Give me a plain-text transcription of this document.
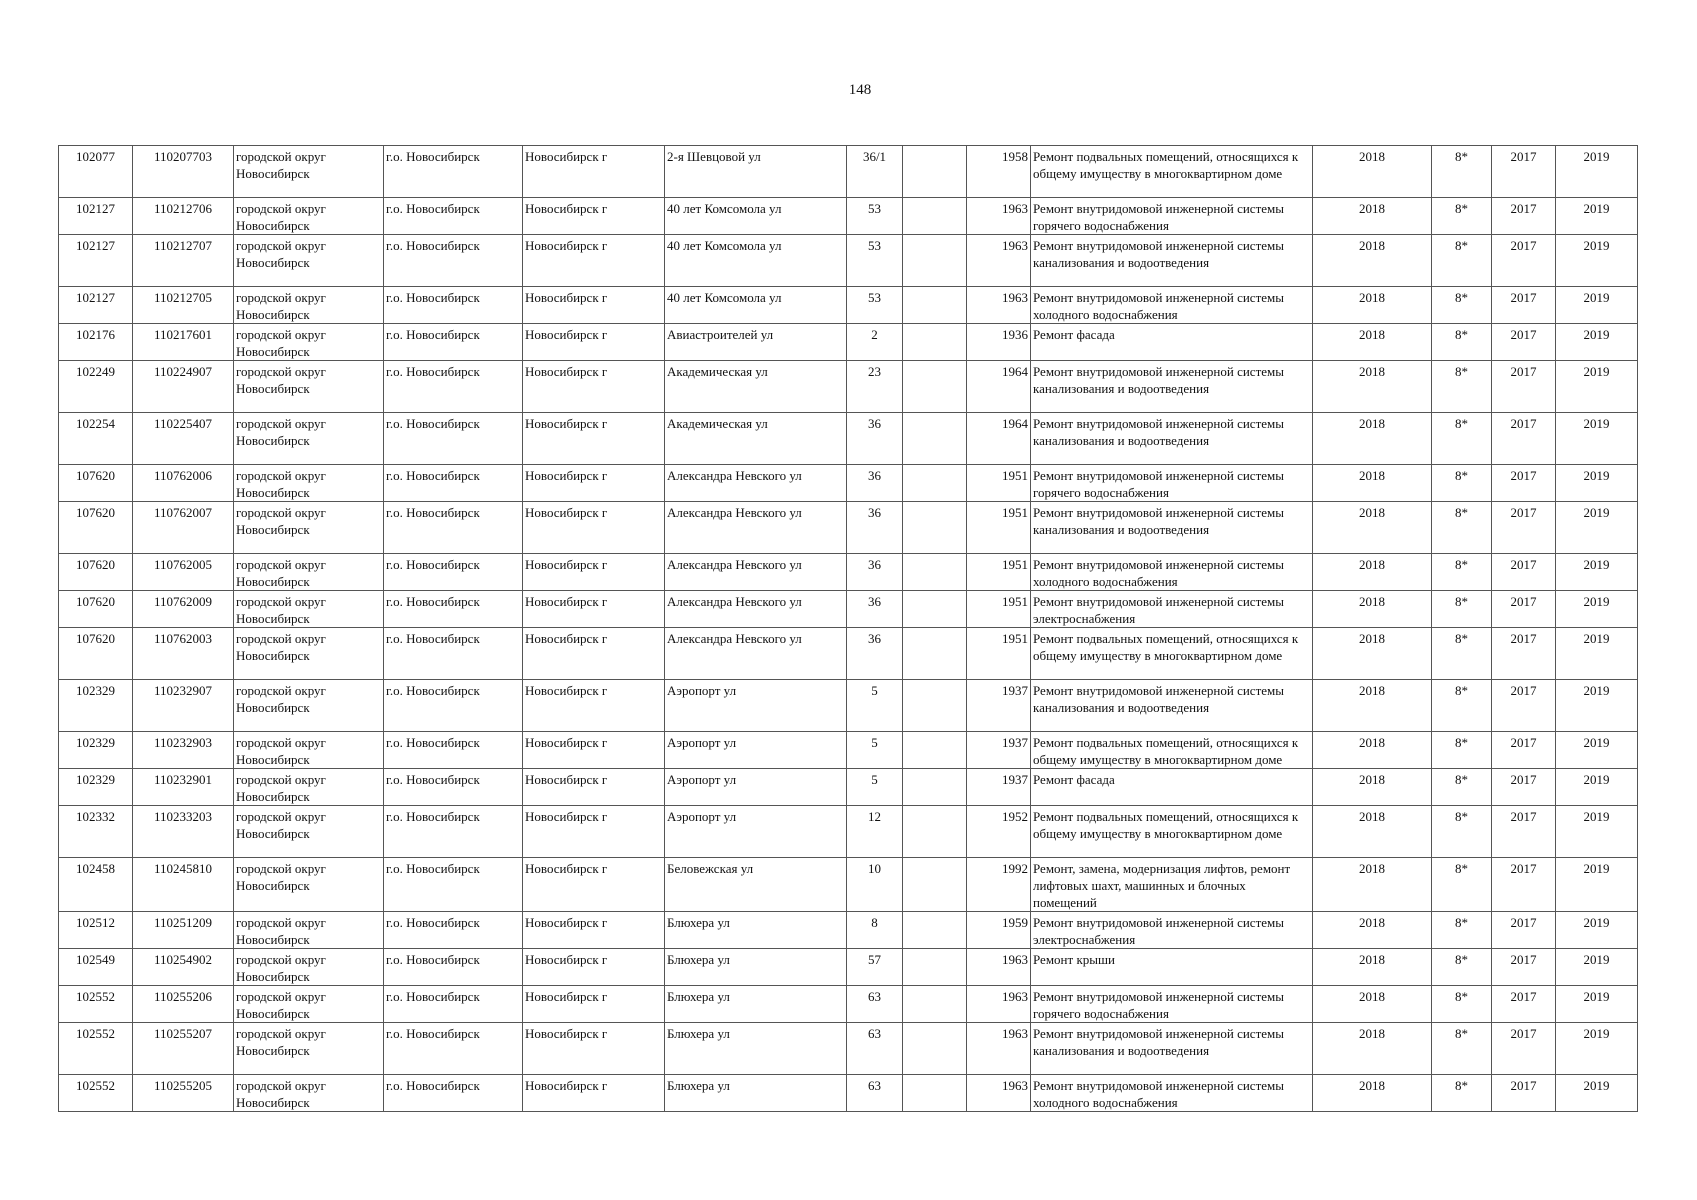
148
102077	110207703	городской округ Новосибирск	г.о. Новосибирск	Новосибирск г	2-я Шевцовой ул	36/1		1958	Ремонт подвальных помещений, относящихся к общему имуществу в многоквартирном доме	2018	8*	2017	2019
102127	110212706	городской округ Новосибирск	г.о. Новосибирск	Новосибирск г	40 лет Комсомола ул	53		1963	Ремонт внутридомовой инженерной системы горячего водоснабжения	2018	8*	2017	2019
102127	110212707	городской округ Новосибирск	г.о. Новосибирск	Новосибирск г	40 лет Комсомола ул	53		1963	Ремонт внутридомовой инженерной системы канализования и водоотведения	2018	8*	2017	2019
102127	110212705	городской округ Новосибирск	г.о. Новосибирск	Новосибирск г	40 лет Комсомола ул	53		1963	Ремонт внутридомовой инженерной системы холодного водоснабжения	2018	8*	2017	2019
102176	110217601	городской округ Новосибирск	г.о. Новосибирск	Новосибирск г	Авиастроителей ул	2		1936	Ремонт фасада	2018	8*	2017	2019
102249	110224907	городской округ Новосибирск	г.о. Новосибирск	Новосибирск г	Академическая ул	23		1964	Ремонт внутридомовой инженерной системы канализования и водоотведения	2018	8*	2017	2019
102254	110225407	городской округ Новосибирск	г.о. Новосибирск	Новосибирск г	Академическая ул	36		1964	Ремонт внутридомовой инженерной системы канализования и водоотведения	2018	8*	2017	2019
107620	110762006	городской округ Новосибирск	г.о. Новосибирск	Новосибирск г	Александра Невского ул	36		1951	Ремонт внутридомовой инженерной системы горячего водоснабжения	2018	8*	2017	2019
107620	110762007	городской округ Новосибирск	г.о. Новосибирск	Новосибирск г	Александра Невского ул	36		1951	Ремонт внутридомовой инженерной системы канализования и водоотведения	2018	8*	2017	2019
107620	110762005	городской округ Новосибирск	г.о. Новосибирск	Новосибирск г	Александра Невского ул	36		1951	Ремонт внутридомовой инженерной системы холодного водоснабжения	2018	8*	2017	2019
107620	110762009	городской округ Новосибирск	г.о. Новосибирск	Новосибирск г	Александра Невского ул	36		1951	Ремонт внутридомовой инженерной системы электроснабжения	2018	8*	2017	2019
107620	110762003	городской округ Новосибирск	г.о. Новосибирск	Новосибирск г	Александра Невского ул	36		1951	Ремонт подвальных помещений, относящихся к общему имуществу в многоквартирном доме	2018	8*	2017	2019
102329	110232907	городской округ Новосибирск	г.о. Новосибирск	Новосибирск г	Аэропорт ул	5		1937	Ремонт внутридомовой инженерной системы канализования и водоотведения	2018	8*	2017	2019
102329	110232903	городской округ Новосибирск	г.о. Новосибирск	Новосибирск г	Аэропорт ул	5		1937	Ремонт подвальных помещений, относящихся к общему имуществу в многоквартирном доме	2018	8*	2017	2019
102329	110232901	городской округ Новосибирск	г.о. Новосибирск	Новосибирск г	Аэропорт ул	5		1937	Ремонт фасада	2018	8*	2017	2019
102332	110233203	городской округ Новосибирск	г.о. Новосибирск	Новосибирск г	Аэропорт ул	12		1952	Ремонт подвальных помещений, относящихся к общему имуществу в многоквартирном доме	2018	8*	2017	2019
102458	110245810	городской округ Новосибирск	г.о. Новосибирск	Новосибирск г	Беловежская ул	10		1992	Ремонт, замена, модернизация лифтов, ремонт лифтовых шахт, машинных и блочных помещений	2018	8*	2017	2019
102512	110251209	городской округ Новосибирск	г.о. Новосибирск	Новосибирск г	Блюхера ул	8		1959	Ремонт внутридомовой инженерной системы электроснабжения	2018	8*	2017	2019
102549	110254902	городской округ Новосибирск	г.о. Новосибирск	Новосибирск г	Блюхера ул	57		1963	Ремонт крыши	2018	8*	2017	2019
102552	110255206	городской округ Новосибирск	г.о. Новосибирск	Новосибирск г	Блюхера ул	63		1963	Ремонт внутридомовой инженерной системы горячего водоснабжения	2018	8*	2017	2019
102552	110255207	городской округ Новосибирск	г.о. Новосибирск	Новосибирск г	Блюхера ул	63		1963	Ремонт внутридомовой инженерной системы канализования и водоотведения	2018	8*	2017	2019
102552	110255205	городской округ Новосибирск	г.о. Новосибирск	Новосибирск г	Блюхера ул	63		1963	Ремонт внутридомовой инженерной системы холодного водоснабжения	2018	8*	2017	2019
